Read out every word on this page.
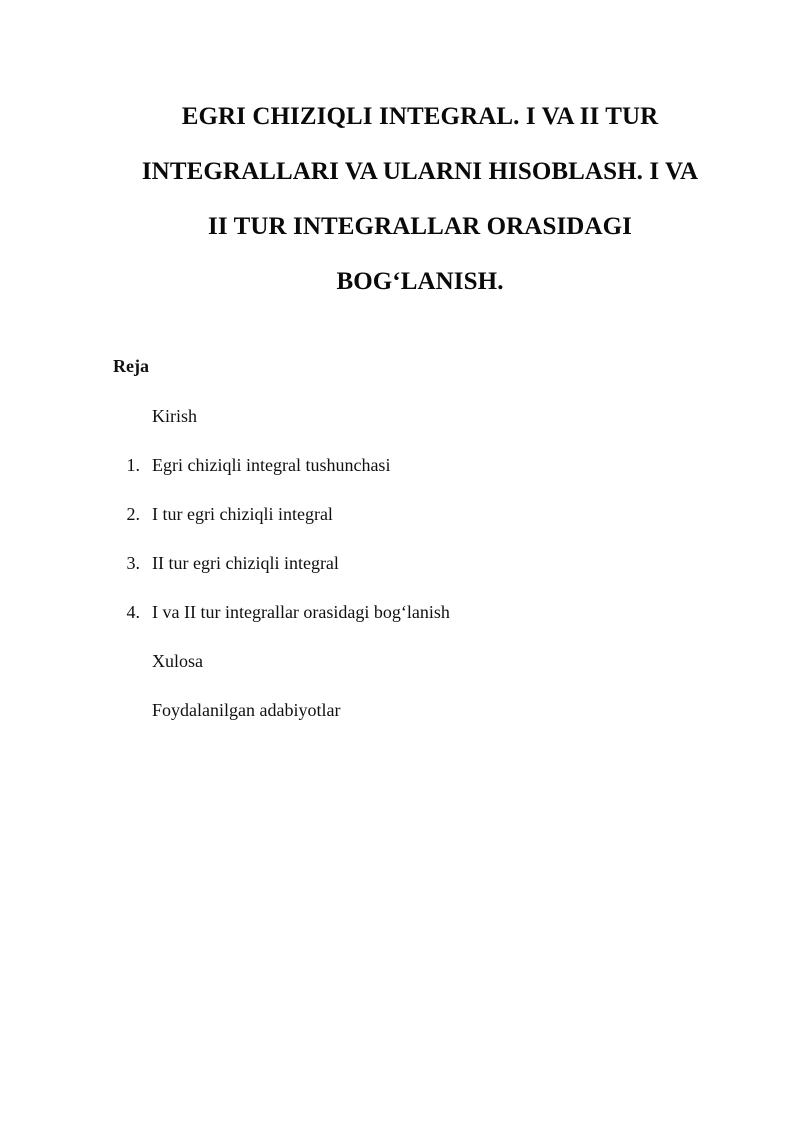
EGRI CHIZIQLI INTEGRAL. I VA II TUR
INTEGRALLARI VA ULARNI HISOBLASH. I VA
II TUR INTEGRALLAR ORASIDAGI
BOG‘LANISH.
Reja
Kirish
1. Egri chiziqli integral tushunchasi
2. I tur egri chiziqli integral
3. II tur egri chiziqli integral
4. I va II tur integrallar orasidagi bog‘lanish
Xulosa
Foydalanilgan adabiyotlar
